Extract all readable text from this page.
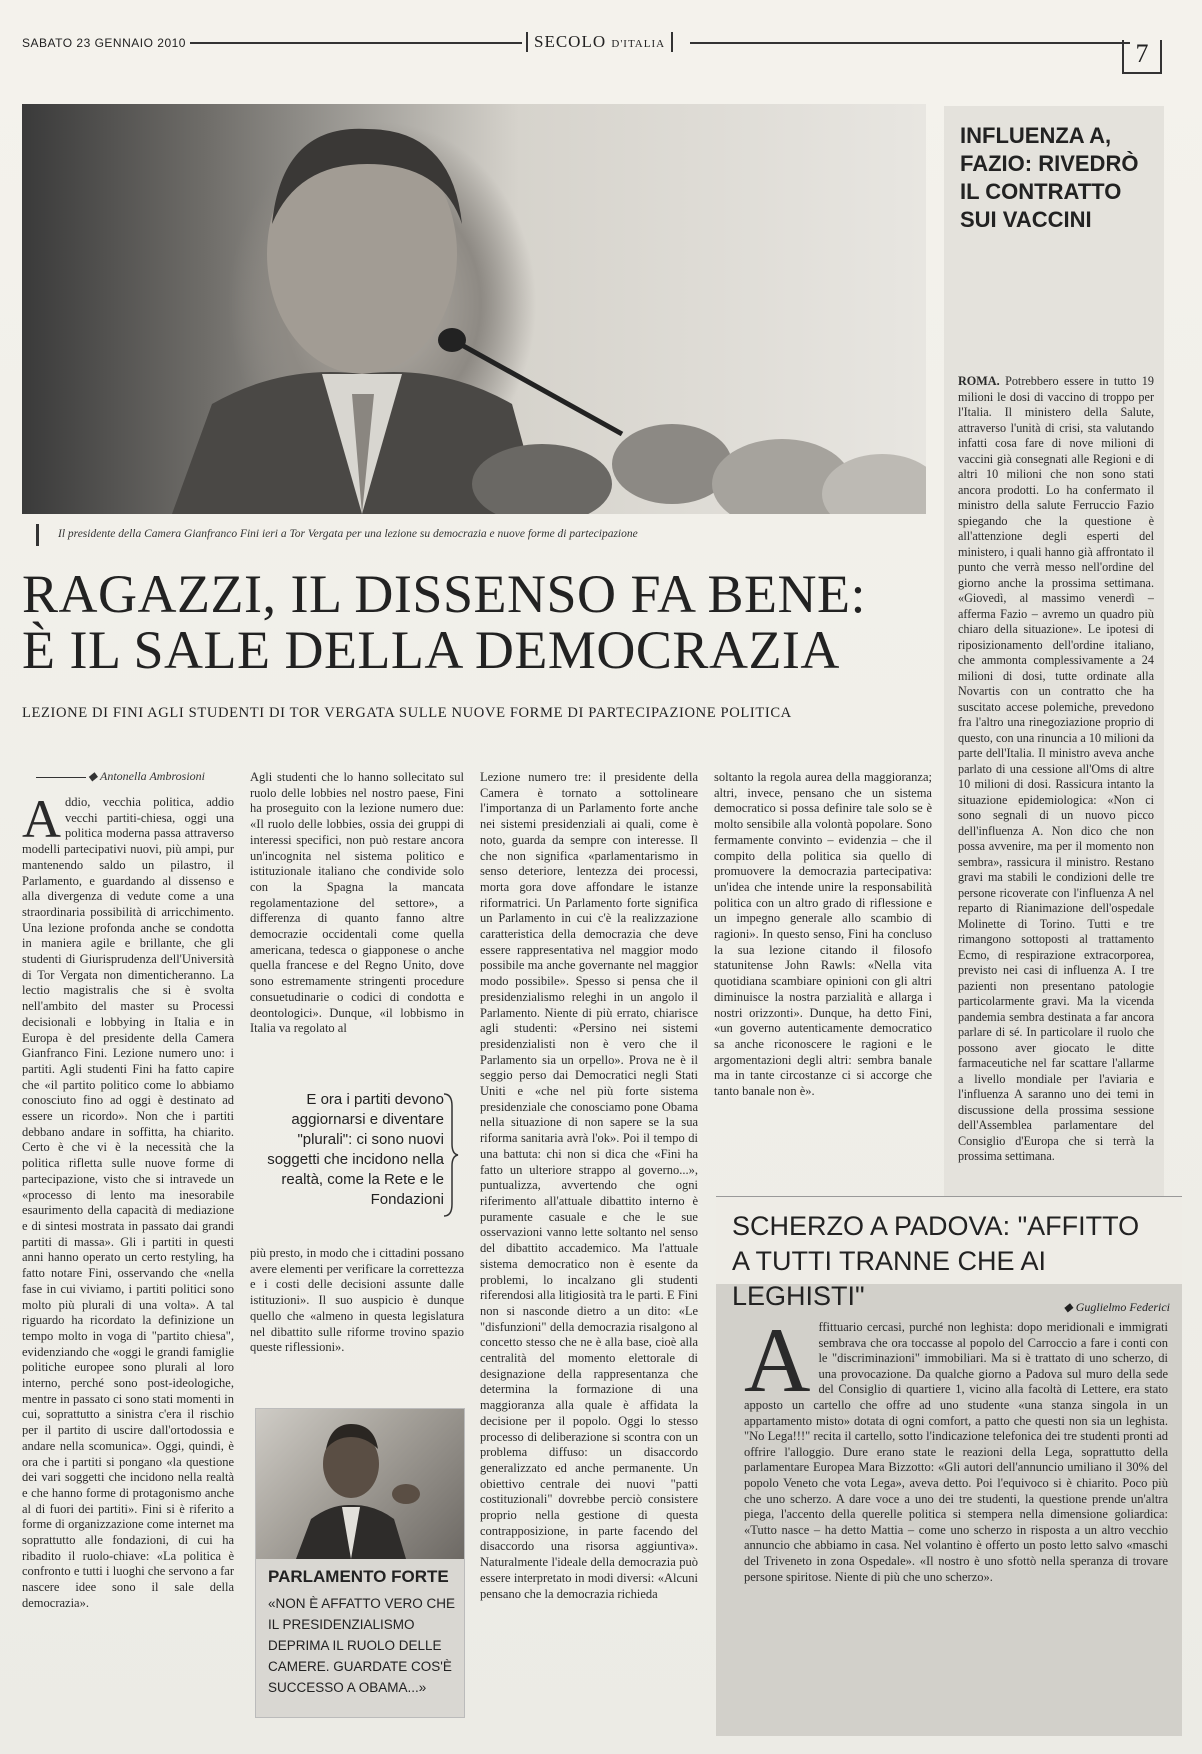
SABATO 23 GENNAIO 2010	SECOLO D'ITALIA	7
Il presidente della Camera Gianfranco Fini ieri a Tor Vergata per una lezione su democrazia e nuove forme di partecipazione
RAGAZZI, IL DISSENSO FA BENE:
È IL SALE DELLA DEMOCRAZIA
LEZIONE DI FINI AGLI STUDENTI DI TOR VERGATA SULLE NUOVE FORME DI PARTECIPAZIONE POLITICA
◆ Antonella Ambrosioni
A ddio, vecchia politica, addio vecchi partiti-chiesa, oggi una politica moderna passa attraverso modelli partecipativi nuovi, più ampi, pur mantenendo saldo un pilastro, il Parlamento, e guardando al dissenso e alla divergenza di vedute come a una straordinaria possibilità di arricchimento. Una lezione profonda anche se condotta in maniera agile e brillante, che gli studenti di Giurisprudenza dell'Università di Tor Vergata non dimenticheranno. La lectio magistralis che si è svolta nell'ambito del master su Processi decisionali e lobbying in Italia e in Europa è del presidente della Camera Gianfranco Fini. Lezione numero uno: i partiti. Agli studenti Fini ha fatto capire che «il partito politico come lo abbiamo conosciuto fino ad oggi è destinato ad essere un ricordo». Non che i partiti debbano andare in soffitta, ha chiarito. Certo è che vi è la necessità che la politica rifletta sulle nuove forme di partecipazione, visto che si intravede un «processo di lento ma inesorabile esaurimento della capacità di mediazione e di sintesi mostrata in passato dai grandi partiti di massa». Gli i partiti in questi anni hanno operato un certo restyling, ha fatto notare Fini, osservando che «nella fase in cui viviamo, i partiti politici sono molto più plurali di una volta». A tal riguardo ha ricordato la definizione un tempo molto in voga di "partito chiesa", evidenziando che «oggi le grandi famiglie politiche europee sono plurali al loro interno, perché sono post-ideologiche, mentre in passato ci sono stati momenti in cui, soprattutto a sinistra c'era il rischio per il partito di uscire dall'ortodossia e andare nella scomunica». Oggi, quindi, è ora che i partiti si pongano «la questione dei vari soggetti che incidono nella realtà e che hanno forme di protagonismo anche al di fuori dei partiti». Fini si è riferito a forme di organizzazione come internet ma soprattutto alle fondazioni, di cui ha ribadito il ruolo-chiave: «La politica è confronto e tutti i luoghi che servono a far nascere idee sono il sale della democrazia».
Agli studenti che lo hanno sollecitato sul ruolo delle lobbies nel nostro paese, Fini ha proseguito con la lezione numero due: «Il ruolo delle lobbies, ossia dei gruppi di interessi specifici, non può restare ancora un'incognita nel sistema politico e istituzionale italiano che condivide solo con la Spagna la mancata regolamentazione del settore», a differenza di quanto fanno altre democrazie occidentali come quella americana, tedesca o giapponese o anche quella francese e del Regno Unito, dove sono estremamente stringenti procedure consuetudinarie o codici di condotta e deontologici». Dunque, «il lobbismo in Italia va regolato al
E ora i partiti devono aggiornarsi e diventare "plurali": ci sono nuovi soggetti che incidono nella realtà, come la Rete e le Fondazioni
più presto, in modo che i cittadini possano avere elementi per verificare la correttezza e i costi delle decisioni assunte dalle istituzioni». Il suo auspicio è dunque quello che «almeno in questa legislatura nel dibattito sulle riforme trovino spazio queste riflessioni».
PARLAMENTO FORTE
«NON È AFFATTO VERO CHE IL PRESIDENZIALISMO DEPRIMA IL RUOLO DELLE CAMERE. GUARDATE COS'È SUCCESSO A OBAMA...»
Lezione numero tre: il presidente della Camera è tornato a sottolineare l'importanza di un Parlamento forte anche nei sistemi presidenziali ai quali, come è noto, guarda da sempre con interesse. Il che non significa «parlamentarismo in senso deteriore, lentezza dei processi, morta gora dove affondare le istanze riformatrici. Un Parlamento forte significa un Parlamento in cui c'è la realizzazione caratteristica della democrazia che deve essere rappresentativa nel maggior modo possibile ma anche governante nel maggior modo possibile». Spesso si pensa che il presidenzialismo releghi in un angolo il Parlamento. Niente di più errato, chiarisce agli studenti: «Persino nei sistemi presidenzialisti non è vero che il Parlamento sia un orpello». Prova ne è il seggio perso dai Democratici negli Stati Uniti e «che nel più forte sistema presidenziale che conosciamo pone Obama nella situazione di non sapere se la sua riforma sanitaria avrà l'ok». Poi il tempo di una battuta: chi non si dica che «Fini ha fatto un ulteriore strappo al governo...», puntualizza, avvertendo che ogni riferimento all'attuale dibattito interno è puramente casuale e che le sue osservazioni vanno lette soltanto nel senso del dibattito accademico. Ma l'attuale sistema democratico non è esente da problemi, lo incalzano gli studenti riferendosi alla litigiosità tra le parti. E Fini non si nasconde dietro a un dito: «Le "disfunzioni" della democrazia risalgono al concetto stesso che ne è alla base, cioè alla centralità del momento elettorale di designazione della rappresentanza che determina la formazione di una maggioranza alla quale è affidata la decisione per il popolo. Oggi lo stesso processo di deliberazione si scontra con un problema diffuso: un disaccordo generalizzato ed anche permanente. Un obiettivo centrale dei nuovi "patti costituzionali" dovrebbe perciò consistere proprio nella gestione di questa contrapposizione, in parte facendo del disaccordo una risorsa aggiuntiva». Naturalmente l'ideale della democrazia può essere interpretato in modi diversi: «Alcuni pensano che la democrazia richieda
soltanto la regola aurea della maggioranza; altri, invece, pensano che un sistema democratico si possa definire tale solo se è molto sensibile alla volontà popolare. Sono fermamente convinto – evidenzia – che il compito della politica sia quello di promuovere la democrazia partecipativa: un'idea che intende unire la responsabilità politica con un altro grado di riflessione e un impegno generale allo scambio di ragioni». In questo senso, Fini ha concluso la sua lezione citando il filosofo statunitense John Rawls: «Nella vita quotidiana scambiare opinioni con gli altri diminuisce la nostra parzialità e allarga i nostri orizzonti». Dunque, ha detto Fini, «un governo autenticamente democratico sa anche riconoscere le ragioni e le argomentazioni degli altri: sembra banale ma in tante circostanze ci si accorge che tanto banale non è».
INFLUENZA A, FAZIO: RIVEDRÒ IL CONTRATTO SUI VACCINI
ROMA. Potrebbero essere in tutto 19 milioni le dosi di vaccino di troppo per l'Italia. Il ministero della Salute, attraverso l'unità di crisi, sta valutando infatti cosa fare di nove milioni di vaccini già consegnati alle Regioni e di altri 10 milioni che non sono stati ancora prodotti. Lo ha confermato il ministro della salute Ferruccio Fazio spiegando che la questione è all'attenzione degli esperti del ministero, i quali hanno già affrontato il punto che verrà messo nell'ordine del giorno anche la prossima settimana. «Giovedì, al massimo venerdì – afferma Fazio – avremo un quadro più chiaro della situazione». Le ipotesi di riposizionamento dell'ordine italiano, che ammonta complessivamente a 24 milioni di dosi, tutte ordinate alla Novartis con un contratto che ha suscitato accese polemiche, prevedono fra l'altro una rinegoziazione proprio di questo, con una rinuncia a 10 milioni da parte dell'Italia. Il ministro aveva anche parlato di una cessione all'Oms di altre 10 milioni di dosi. Rassicura intanto la situazione epidemiologica: «Non ci sono segnali di un nuovo picco dell'influenza A. Non dico che non possa avvenire, ma per il momento non sembra», rassicura il ministro. Restano gravi ma stabili le condizioni delle tre persone ricoverate con l'influenza A nel reparto di Rianimazione dell'ospedale Molinette di Torino. Tutti e tre rimangono sottoposti al trattamento Ecmo, di respirazione extracorporea, previsto nei casi di influenza A. I tre pazienti non presentano patologie particolarmente gravi. Ma la vicenda pandemia sembra destinata a far ancora parlare di sé. In particolare il ruolo che possono aver giocato le ditte farmaceutiche nel far scattare l'allarme a livello mondiale per l'aviaria e l'influenza A saranno uno dei temi in discussione della prossima sessione dell'Assemblea parlamentare del Consiglio d'Europa che si terrà la prossima settimana.
SCHERZO A PADOVA: "AFFITTO
A TUTTI TRANNE CHE AI LEGHISTI"	◆ Guglielmo Federici
A ffittuario cercasi, purché non leghista: dopo meridionali e immigrati sembrava che ora toccasse al popolo del Carroccio a fare i conti con le "discriminazioni" immobiliari. Ma si è trattato di uno scherzo, di una provocazione. Da qualche giorno a Padova sul muro della sede del Consiglio di quartiere 1, vicino alla facoltà di Lettere, era stato apposto un cartello che offre ad uno studente «una stanza singola in un appartamento misto» dotata di ogni comfort, a patto che questi non sia un leghista. "No Lega!!!" recita il cartello, sotto l'indicazione telefonica dei tre studenti pronti ad offrire l'alloggio. Dure erano state le reazioni della Lega, soprattutto della parlamentare Europea Mara Bizzotto: «Gli autori dell'annuncio umiliano il 30% del popolo Veneto che vota Lega», aveva detto. Poi l'equivoco si è chiarito. Poco più che uno scherzo. A dare voce a uno dei tre studenti, la questione prende un'altra piega, l'accento della querelle politica si stempera nella dimensione goliardica: «Tutto nasce – ha detto Mattia – come uno scherzo in risposta a un altro vecchio annuncio che abbiamo in casa. Nel volantino è offerto un posto letto salvo «maschi del Triveneto in zona Ospedale». «Il nostro è uno sfottò nella speranza di trovare persone spiritose. Niente di più che uno scherzo».
